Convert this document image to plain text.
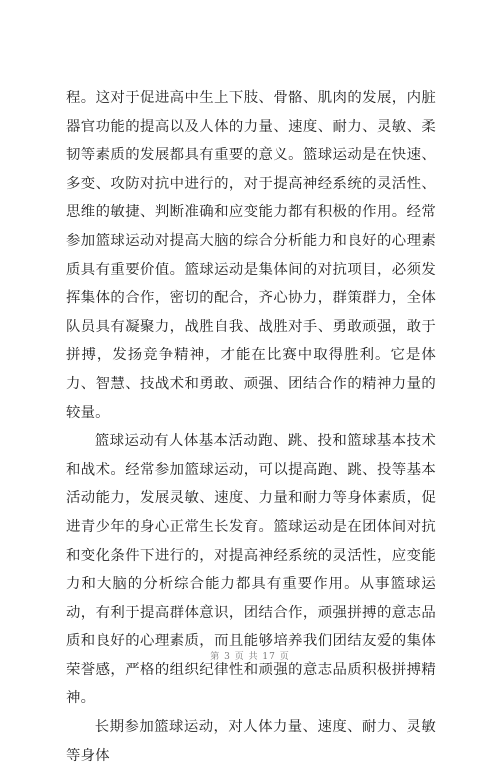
程。这对于促进高中生上下肢、骨骼、肌肉的发展，内脏器官功能的提高以及人体的力量、速度、耐力、灵敏、柔韧等素质的发展都具有重要的意义。篮球运动是在快速、多变、攻防对抗中进行的，对于提高神经系统的灵活性、思维的敏捷、判断准确和应变能力都有积极的作用。经常参加篮球运动对提高大脑的综合分析能力和良好的心理素质具有重要价值。篮球运动是集体间的对抗项目，必须发挥集体的合作，密切的配合，齐心协力，群策群力，全体队员具有凝聚力，战胜自我、战胜对手、勇敢顽强，敢于拼搏，发扬竞争精神，才能在比赛中取得胜利。它是体力、智慧、技战术和勇敢、顽强、团结合作的精神力量的较量。

篮球运动有人体基本活动跑、跳、投和篮球基本技术和战术。经常参加篮球运动，可以提高跑、跳、投等基本活动能力，发展灵敏、速度、力量和耐力等身体素质，促进青少年的身心正常生长发育。篮球运动是在团体间对抗和变化条件下进行的，对提高神经系统的灵活性，应变能力和大脑的分析综合能力都具有重要作用。从事篮球运动，有利于提高群体意识，团结合作，顽强拼搏的意志品质和良好的心理素质，而且能够培养我们团结友爱的集体荣誉感，严格的组织纪律性和顽强的意志品质积极拼搏精神。

长期参加篮球运动，对人体力量、速度、耐力、灵敏等身体

第 3 页 共 17 页
